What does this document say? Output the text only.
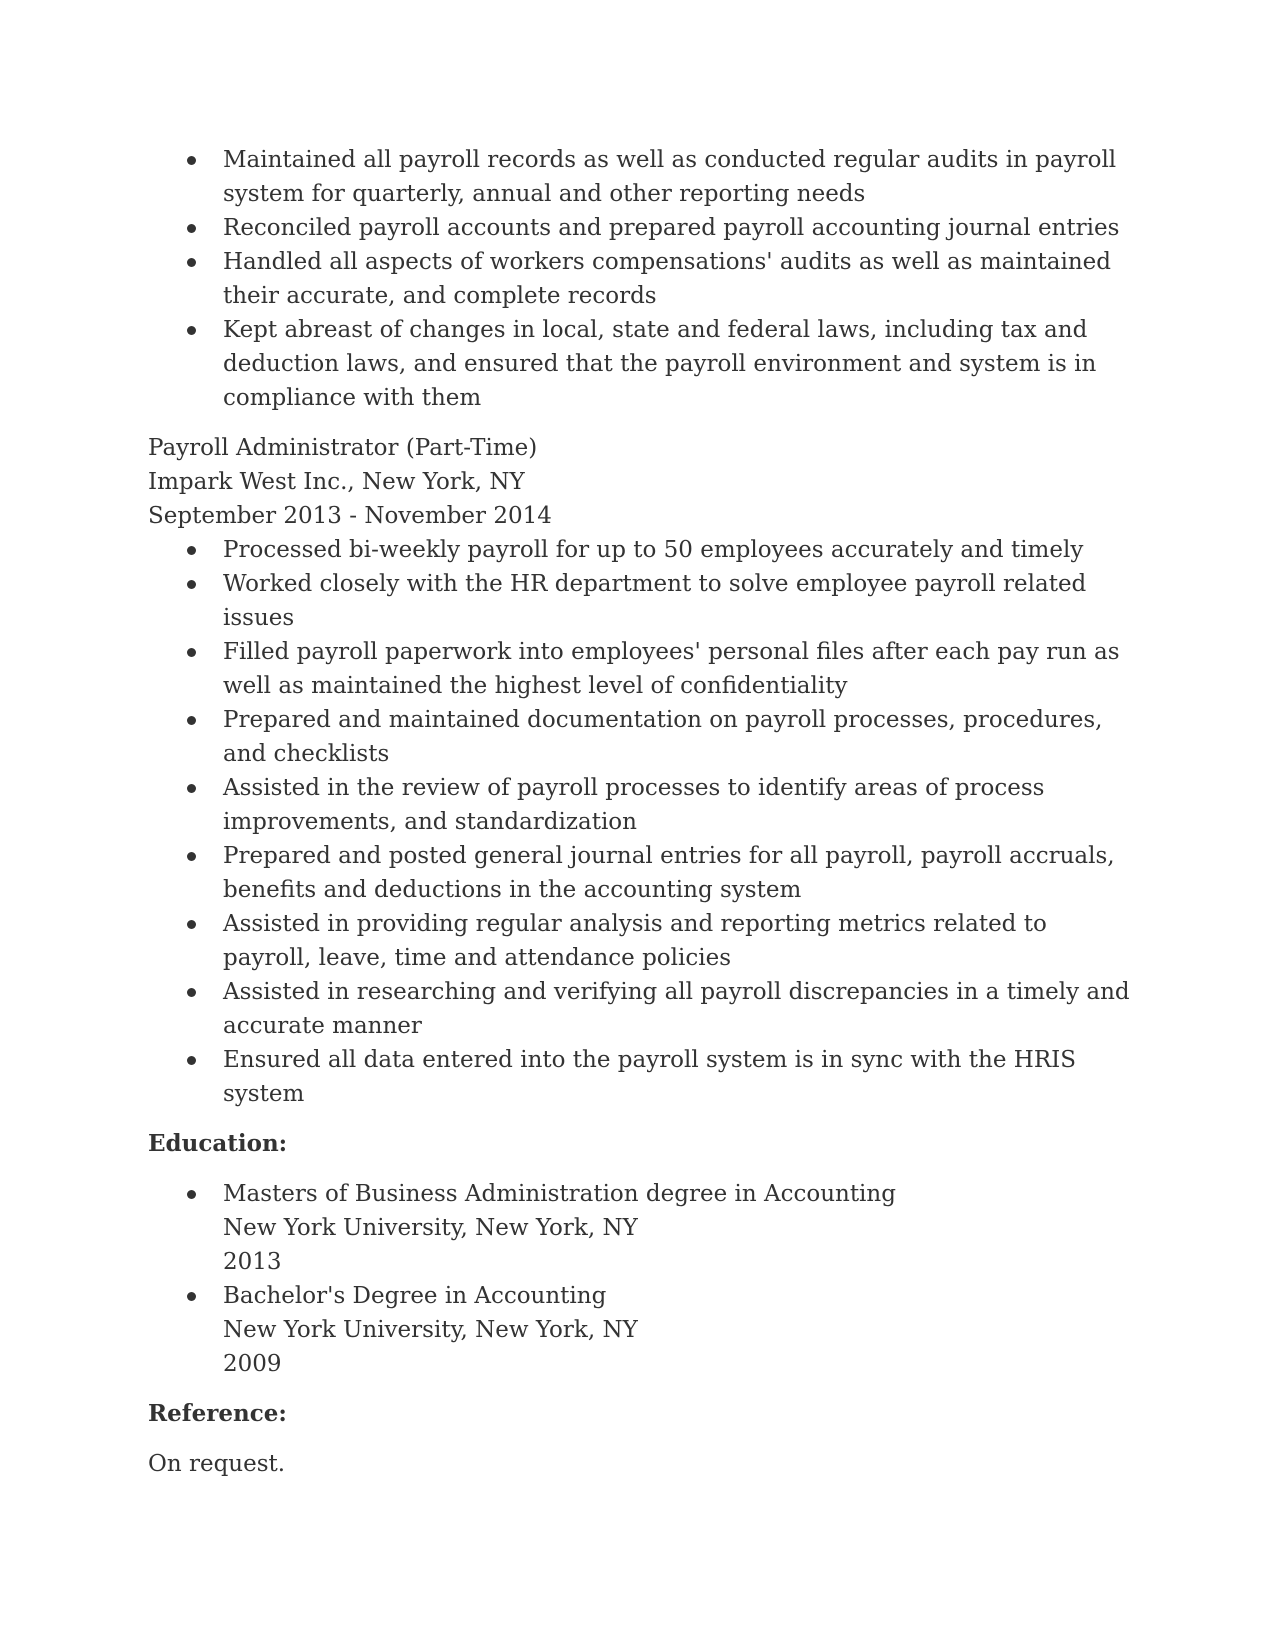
Maintained all payroll records as well as conducted regular audits in payroll system for quarterly, annual and other reporting needs
Reconciled payroll accounts and prepared payroll accounting journal entries
Handled all aspects of workers compensations' audits as well as maintained their accurate, and complete records
Kept abreast of changes in local, state and federal laws, including tax and deduction laws, and ensured that the payroll environment and system is in compliance with them
Payroll Administrator (Part-Time)
Impark West Inc., New York, NY
September 2013 - November 2014
Processed bi-weekly payroll for up to 50 employees accurately and timely
Worked closely with the HR department to solve employee payroll related issues
Filled payroll paperwork into employees' personal files after each pay run as well as maintained the highest level of confidentiality
Prepared and maintained documentation on payroll processes, procedures, and checklists
Assisted in the review of payroll processes to identify areas of process improvements, and standardization
Prepared and posted general journal entries for all payroll, payroll accruals, benefits and deductions in the accounting system
Assisted in providing regular analysis and reporting metrics related to payroll, leave, time and attendance policies
Assisted in researching and verifying all payroll discrepancies in a timely and accurate manner
Ensured all data entered into the payroll system is in sync with the HRIS system
Education:
Masters of Business Administration degree in Accounting
New York University, New York, NY
2013
Bachelor's Degree in Accounting
New York University, New York, NY
2009
Reference:

On request.
